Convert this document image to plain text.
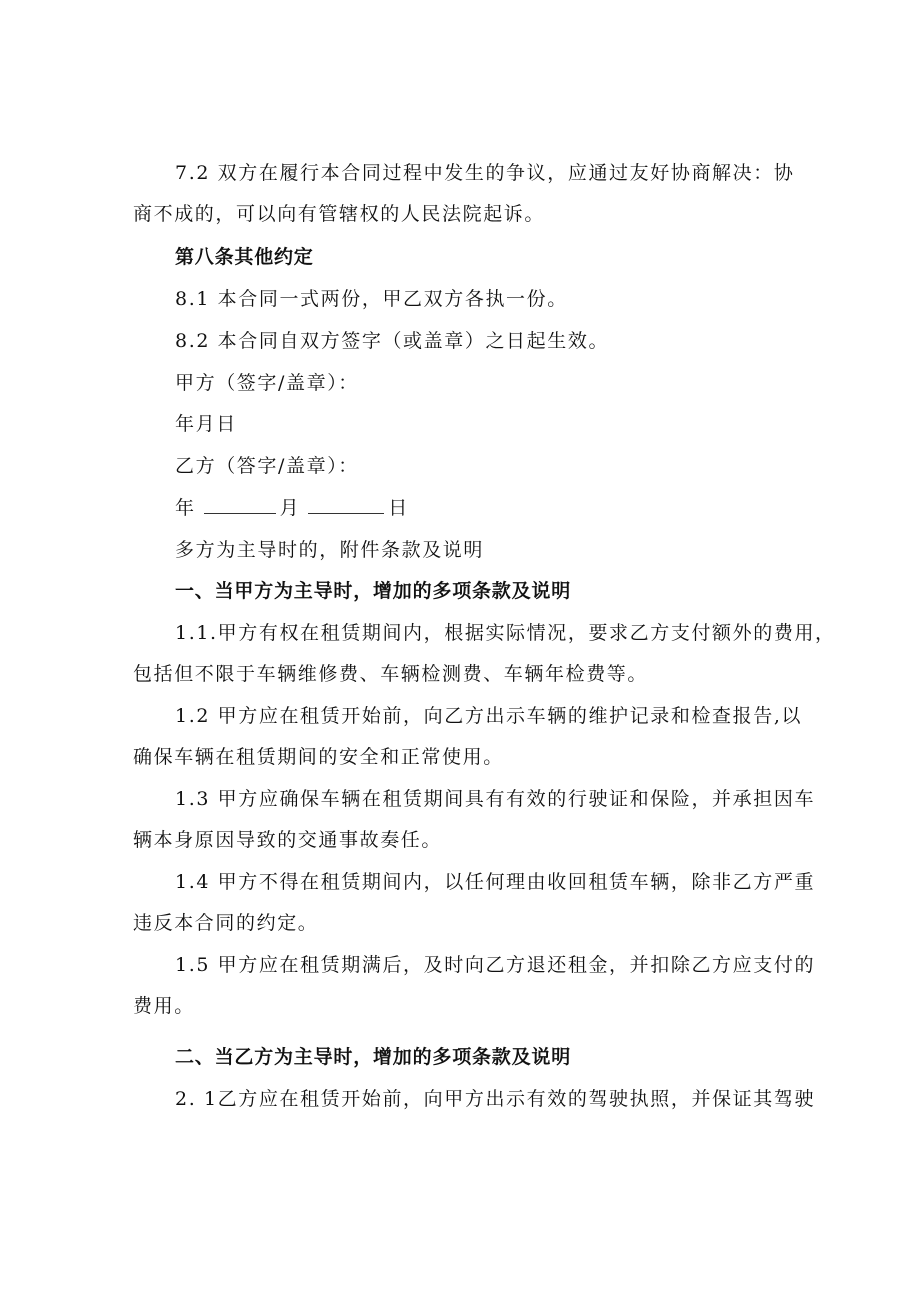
7.2 双方在履行本合同过程中发生的争议，应通过友好协商解决：协
商不成的，可以向有管辖权的人民法院起诉。
第八条其他约定
8.1 本合同一式两份，甲乙双方各执一份。
8.2 本合同自双方签字（或盖章）之日起生效。
甲方（签字/盖章）：
年月日
乙方（答字/盖章）：
年	月	日
多方为主导时的，附件条款及说明
一、当甲方为主导时，增加的多项条款及说明
1.1.甲方有权在租赁期间内，根据实际情况，要求乙方支付额外的费用，
包括但不限于车辆维修费、车辆检测费、车辆年检费等。
1.2 甲方应在租赁开始前，向乙方出示车辆的维护记录和检查报告,以
确保车辆在租赁期间的安全和正常使用。
1.3 甲方应确保车辆在租赁期间具有有效的行驶证和保险，并承担因车
辆本身原因导致的交通事故奏任。
1.4 甲方不得在租赁期间内，以任何理由收回租赁车辆，除非乙方严重
违反本合同的约定。
1.5 甲方应在租赁期满后，及时向乙方退还租金，并扣除乙方应支付的
费用。
二、当乙方为主导时，增加的多项条款及说明
2. 1乙方应在租赁开始前，向甲方出示有效的驾驶执照，并保证其驾驶
